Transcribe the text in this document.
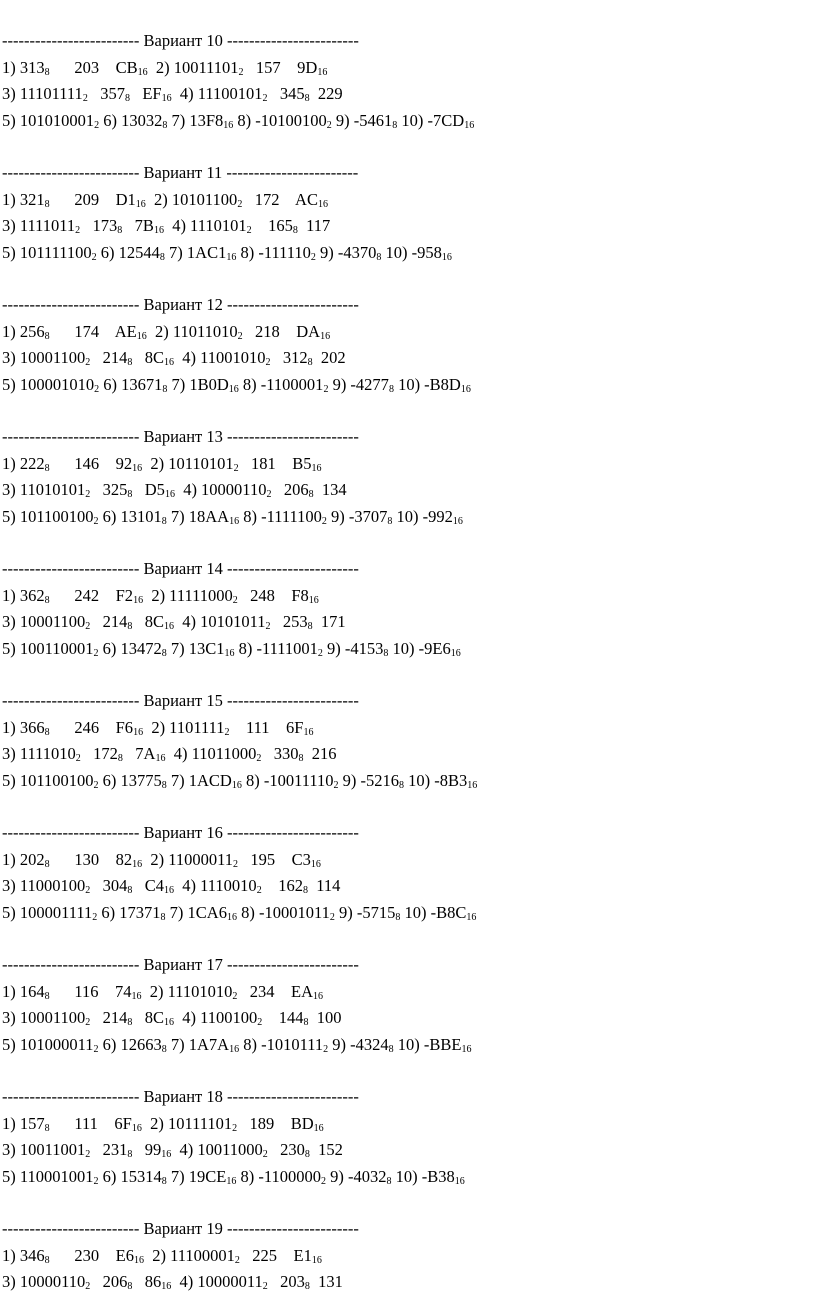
------------------------- Вариант 10 ------------------------
1) $313_8$      203    $CB_{16}$  2) $10011101_2$   157    $9D_{16}$
3) $11101111_2$   $357_8$   $EF_{16}$  4) $11100101_2$   $345_8$  229
5) $101010001_2$ 6) $13032_8$ 7) $13F8_{16}$ 8) $-10100100_2$ 9) $-5461_8$ 10) $-7CD_{16}$
------------------------- Вариант 11 ------------------------
1) $321_8$      209    $D1_{16}$  2) $10101100_2$   172    $AC_{16}$
3) $1111011_2$   $173_8$   $7B_{16}$  4) $1110101_2$    $165_8$  117
5) $101111100_2$ 6) $12544_8$ 7) $1AC1_{16}$ 8) $-111110_2$ 9) $-4370_8$ 10) $-958_{16}$
------------------------- Вариант 12 ------------------------
1) $256_8$      174    $AE_{16}$  2) $11011010_2$   218    $DA_{16}$
3) $10001100_2$   $214_8$   $8C_{16}$  4) $11001010_2$   $312_8$  202
5) $100001010_2$ 6) $13671_8$ 7) $1B0D_{16}$ 8) $-1100001_2$ 9) $-4277_8$ 10) $-B8D_{16}$
------------------------- Вариант 13 ------------------------
1) $222_8$      146    $92_{16}$  2) $10110101_2$   181    $B5_{16}$
3) $11010101_2$   $325_8$   $D5_{16}$  4) $10000110_2$   $206_8$  134
5) $101100100_2$ 6) $13101_8$ 7) $18AA_{16}$ 8) $-1111100_2$ 9) $-3707_8$ 10) $-992_{16}$
------------------------- Вариант 14 ------------------------
1) $362_8$      242    $F2_{16}$  2) $11111000_2$   248    $F8_{16}$
3) $10001100_2$   $214_8$   $8C_{16}$  4) $10101011_2$   $253_8$  171
5) $100110001_2$ 6) $13472_8$ 7) $13C1_{16}$ 8) $-1111001_2$ 9) $-4153_8$ 10) $-9E6_{16}$
------------------------- Вариант 15 ------------------------
1) $366_8$      246    $F6_{16}$  2) $1101111_2$    111    $6F_{16}$
3) $1111010_2$   $172_8$   $7A_{16}$  4) $11011000_2$   $330_8$  216
5) $101100100_2$ 6) $13775_8$ 7) $1ACD_{16}$ 8) $-10011110_2$ 9) $-5216_8$ 10) $-8B3_{16}$
------------------------- Вариант 16 ------------------------
1) $202_8$      130    $82_{16}$  2) $11000011_2$   195    $C3_{16}$
3) $11000100_2$   $304_8$   $C4_{16}$  4) $1110010_2$    $162_8$  114
5) $100001111_2$ 6) $17371_8$ 7) $1CA6_{16}$ 8) $-10001011_2$ 9) $-5715_8$ 10) $-B8C_{16}$
------------------------- Вариант 17 ------------------------
1) $164_8$      116    $74_{16}$  2) $11101010_2$   234    $EA_{16}$
3) $10001100_2$   $214_8$   $8C_{16}$  4) $1100100_2$    $144_8$  100
5) $101000011_2$ 6) $12663_8$ 7) $1A7A_{16}$ 8) $-1010111_2$ 9) $-4324_8$ 10) $-BBE_{16}$
------------------------- Вариант 18 ------------------------
1) $157_8$      111    $6F_{16}$  2) $10111101_2$   189    $BD_{16}$
3) $10011001_2$   $231_8$   $99_{16}$  4) $10011000_2$   $230_8$  152
5) $110001001_2$ 6) $15314_8$ 7) $19CE_{16}$ 8) $-1100000_2$ 9) $-4032_8$ 10) $-B38_{16}$
------------------------- Вариант 19 ------------------------
1) $346_8$      230    $E6_{16}$  2) $11100001_2$   225    $E1_{16}$
3) $10000110_2$   $206_8$   $86_{16}$  4) $10000011_2$   $203_8$  131
